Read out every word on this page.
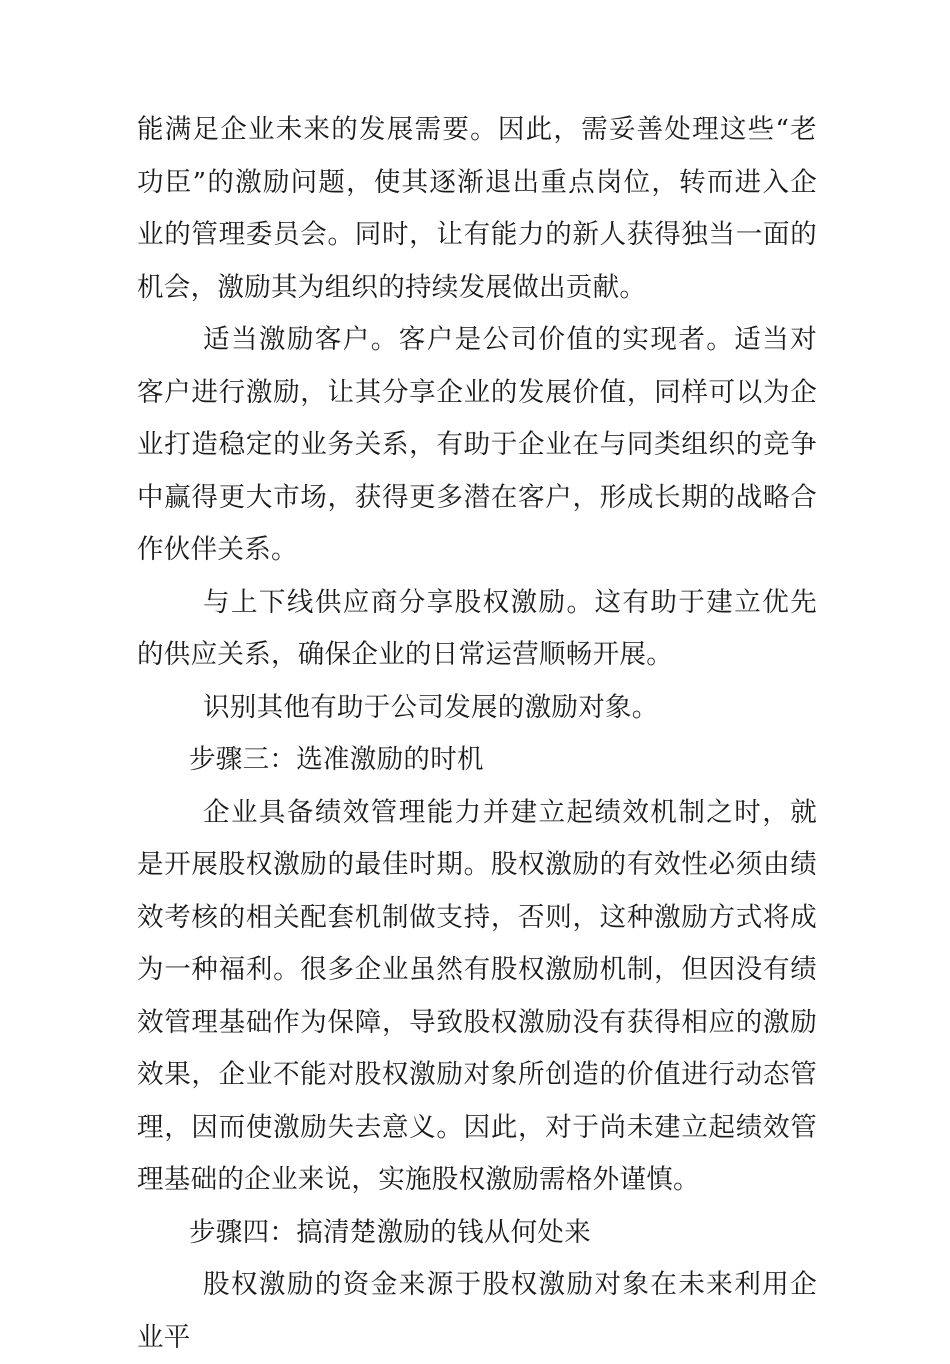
能满足企业未来的发展需要。因此，需妥善处理这些“老功臣”的激励问题，使其逐渐退出重点岗位，转而进入企业的管理委员会。同时，让有能力的新人获得独当一面的机会，激励其为组织的持续发展做出贡献。

适当激励客户。客户是公司价值的实现者。适当对客户进行激励，让其分享企业的发展价值，同样可以为企业打造稳定的业务关系，有助于企业在与同类组织的竞争中赢得更大市场，获得更多潜在客户，形成长期的战略合作伙伴关系。

与上下线供应商分享股权激励。这有助于建立优先的供应关系，确保企业的日常运营顺畅开展。

识别其他有助于公司发展的激励对象。

步骤三：选准激励的时机

企业具备绩效管理能力并建立起绩效机制之时，就是开展股权激励的最佳时期。股权激励的有效性必须由绩效考核的相关配套机制做支持，否则，这种激励方式将成为一种福利。很多企业虽然有股权激励机制，但因没有绩效管理基础作为保障，导致股权激励没有获得相应的激励效果，企业不能对股权激励对象所创造的价值进行动态管理，因而使激励失去意义。因此，对于尚未建立起绩效管理基础的企业来说，实施股权激励需格外谨慎。

步骤四：搞清楚激励的钱从何处来

股权激励的资金来源于股权激励对象在未来利用企业平
